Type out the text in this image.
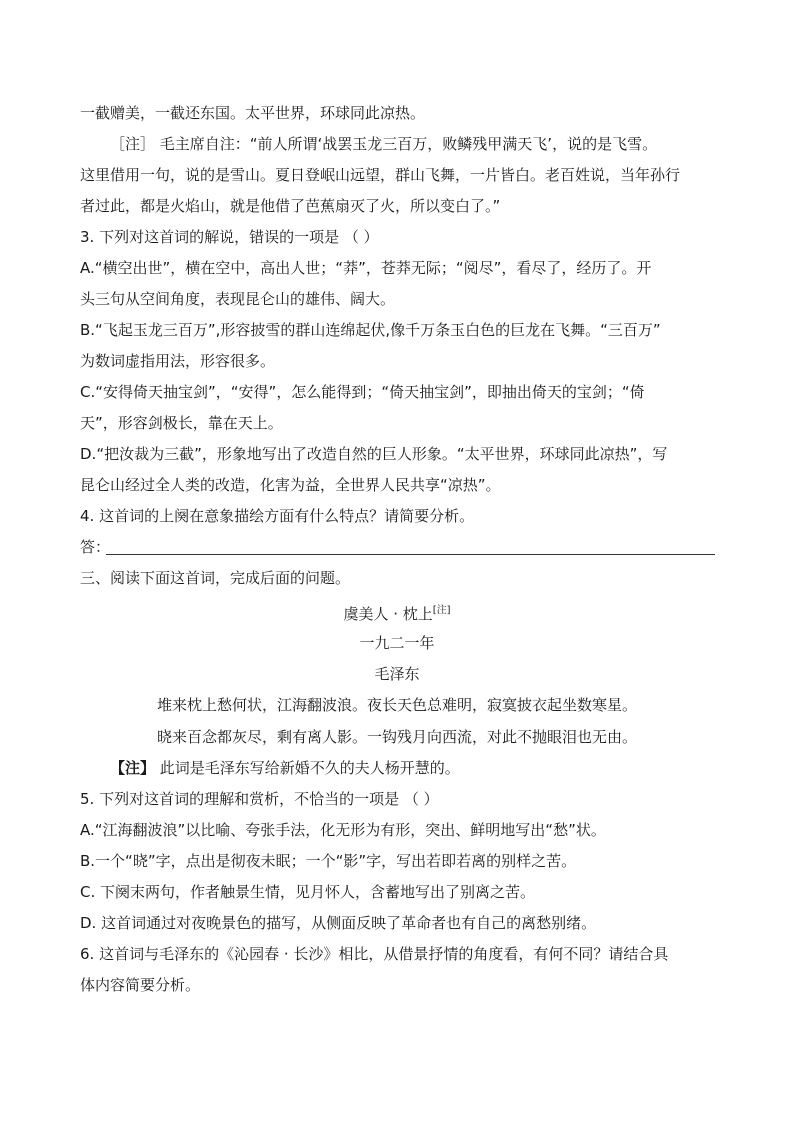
一截赠美，一截还东国。太平世界，环球同此凉热。
［注］ 毛主席自注：“前人所谓‘战罢玉龙三百万，败鳞残甲满天飞’，说的是飞雪。
这里借用一句，说的是雪山。夏日登岷山远望，群山飞舞，一片皆白。老百姓说，当年孙行
者过此，都是火焰山，就是他借了芭蕉扇灭了火，所以变白了。”
3. 下列对这首词的解说，错误的一项是 （ ）
A.“横空出世”，横在空中，高出人世；“莽”，苍莽无际；“阅尽”，看尽了，经历了。开
头三句从空间角度，表现昆仑山的雄伟、阔大。
B.“飞起玉龙三百万”,形容披雪的群山连绵起伏,像千万条玉白色的巨龙在飞舞。“三百万”
为数词虚指用法，形容很多。
C.“安得倚天抽宝剑”，“安得”，怎么能得到；“倚天抽宝剑”，即抽出倚天的宝剑；“倚
天”，形容剑极长，靠在天上。
D.“把汝裁为三截”，形象地写出了改造自然的巨人形象。“太平世界，环球同此凉热”，写
昆仑山经过全人类的改造，化害为益，全世界人民共享“凉热”。
4. 这首词的上阕在意象描绘方面有什么特点？请简要分析。
答：
三、阅读下面这首词，完成后面的问题。
虞美人 · 枕上[注]
一九二一年
毛泽东
堆来枕上愁何状，江海翻波浪。夜长天色总难明，寂寞披衣起坐数寒星。
晓来百念都灰尽，剩有离人影。一钩残月向西流，对此不抛眼泪也无由。
【注】 此词是毛泽东写给新婚不久的夫人杨开慧的。
5. 下列对这首词的理解和赏析，不恰当的一项是 （ ）
A.“江海翻波浪”以比喻、夸张手法，化无形为有形，突出、鲜明地写出“愁”状。
B.一个“晓”字，点出是彻夜未眠；一个“影”字，写出若即若离的别样之苦。
C. 下阕末两句，作者触景生情，见月怀人，含蓄地写出了别离之苦。
D. 这首词通过对夜晚景色的描写，从侧面反映了革命者也有自己的离愁别绪。
6. 这首词与毛泽东的《沁园春 · 长沙》相比，从借景抒情的角度看，有何不同？请结合具
体内容简要分析。
